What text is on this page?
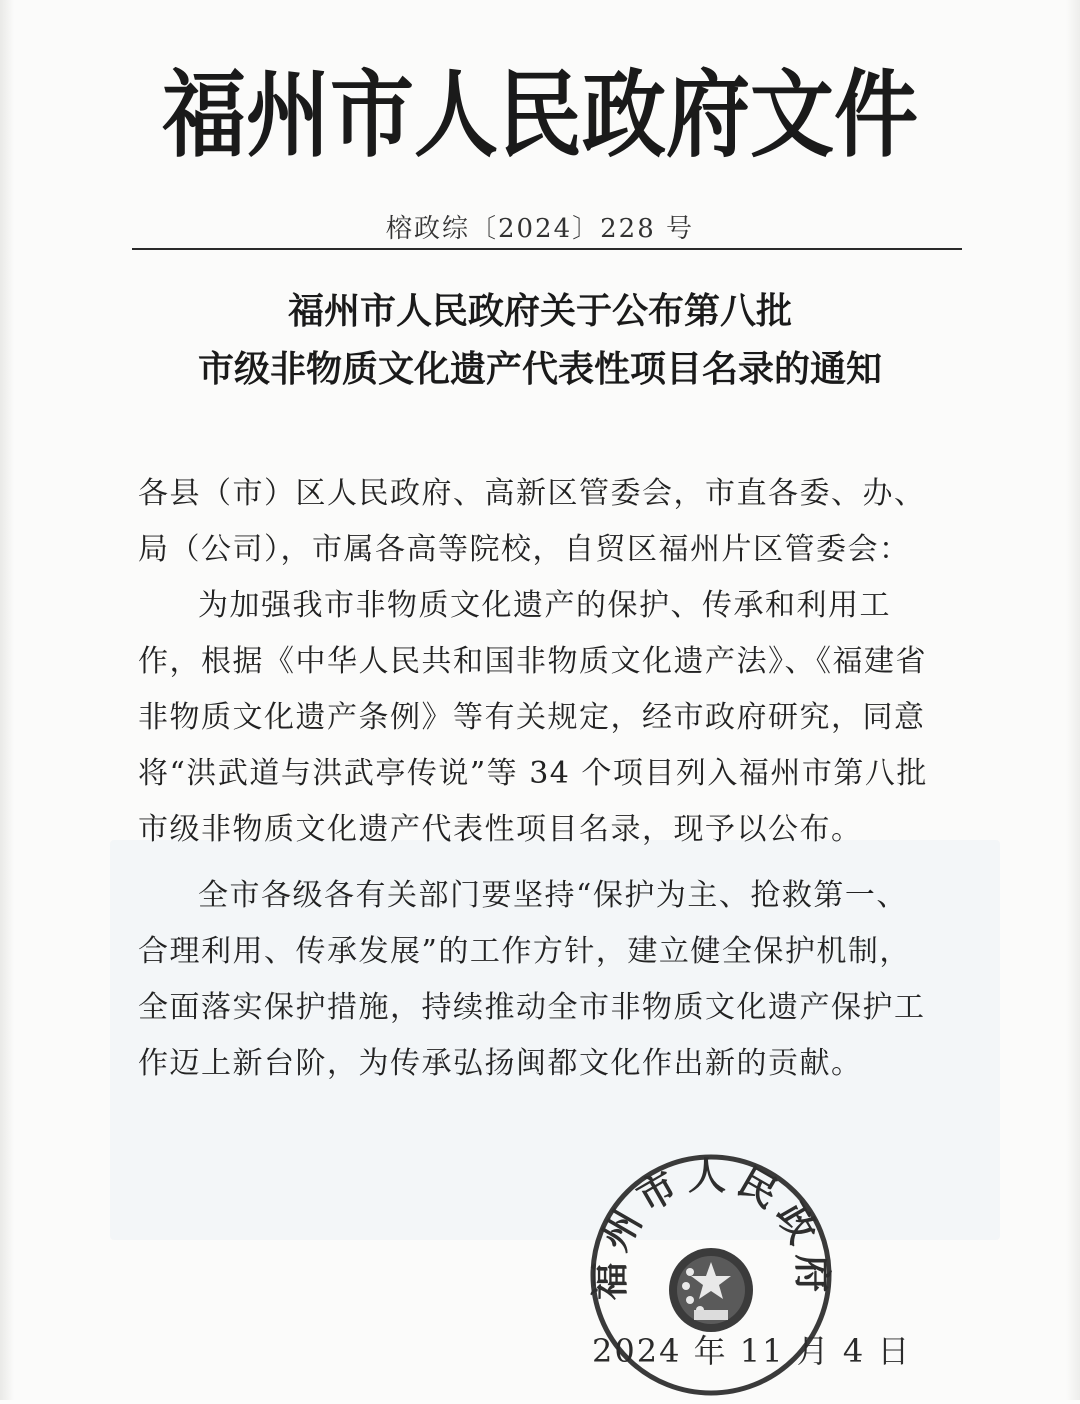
福州市人民政府文件
榕政综〔2024〕228 号
福州市人民政府关于公布第八批
市级非物质文化遗产代表性项目名录的通知

各县（市）区人民政府、高新区管委会，市直各委、办、局（公司），市属各高等院校，自贸区福州片区管委会：

为加强我市非物质文化遗产的保护、传承和利用工作，根据《中华人民共和国非物质文化遗产法》、《福建省非物质文化遗产条例》等有关规定，经市政府研究，同意将“洪武道与洪武亭传说”等 34 个项目列入福州市第八批市级非物质文化遗产代表性项目名录，现予以公布。

全市各级各有关部门要坚持“保护为主、抢救第一、合理利用、传承发展”的工作方针，建立健全保护机制，全面落实保护措施，持续推动全市非物质文化遗产保护工作迈上新台阶，为传承弘扬闽都文化作出新的贡献。

福州市人民政府
2024 年 11 月 4 日
